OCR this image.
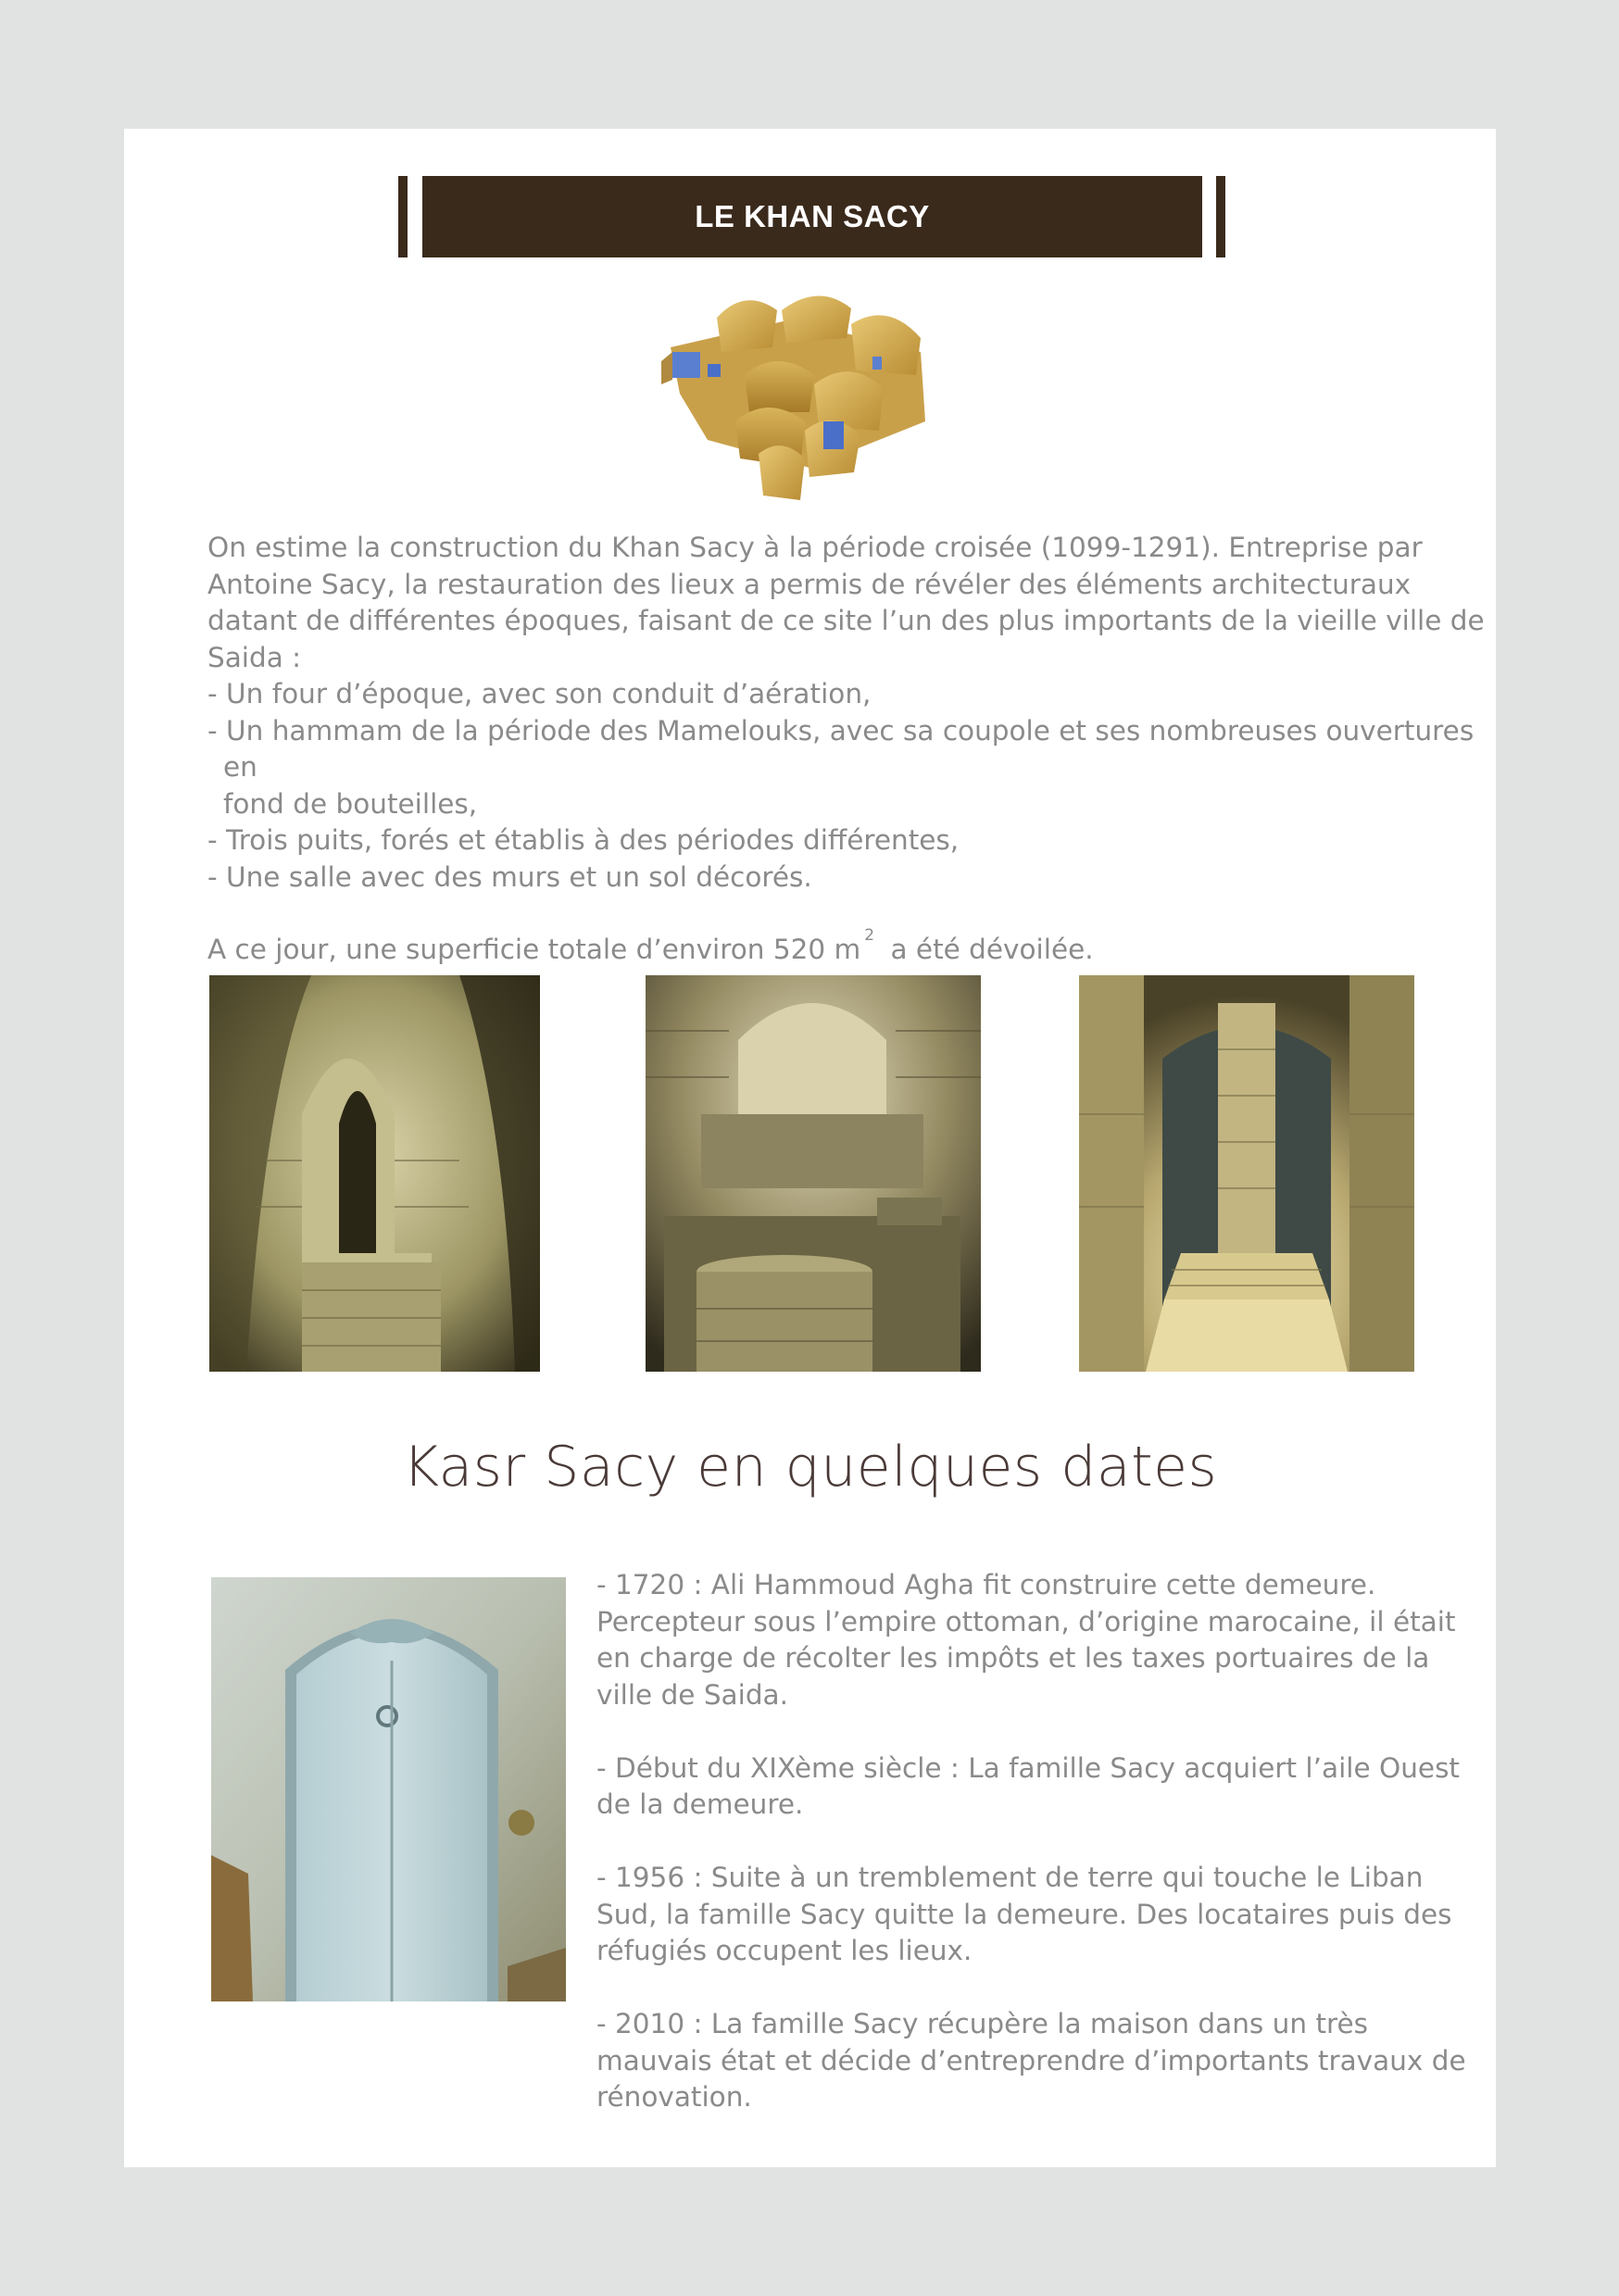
LE KHAN SACY

On estime la construction du Khan Sacy à la période croisée (1099-1291). Entreprise par Antoine Sacy, la restauration des lieux a permis de révéler des éléments architecturaux datant de différentes époques, faisant de ce site l’un des plus importants de la vieille ville de Saida :

- Un four d’époque, avec son conduit d’aération,

- Un hammam de la période des Mamelouks, avec sa coupole et ses nombreuses ouvertures en

fond de bouteilles,

- Trois puits, forés et établis à des périodes différentes,

- Une salle avec des murs et un sol décorés.

A ce jour, une superficie totale d’environ 520 m $^2$ a été dévoilée.

Kasr Sacy en quelques dates

- 1720 : Ali Hammoud Agha fit construire cette demeure. Percepteur sous l’empire ottoman, d’origine marocaine, il était en charge de récolter les impôts et les taxes portuaires de la ville de Saida.

- Début du XIXème siècle : La famille Sacy acquiert l’aile Ouest de la demeure.

- 1956 : Suite à un tremblement de terre qui touche le Liban Sud, la famille Sacy quitte la demeure. Des locataires puis des réfugiés occupent les lieux.

- 2010 : La famille Sacy récupère la maison dans un très mauvais état et décide d’entreprendre d’importants travaux de rénovation.
